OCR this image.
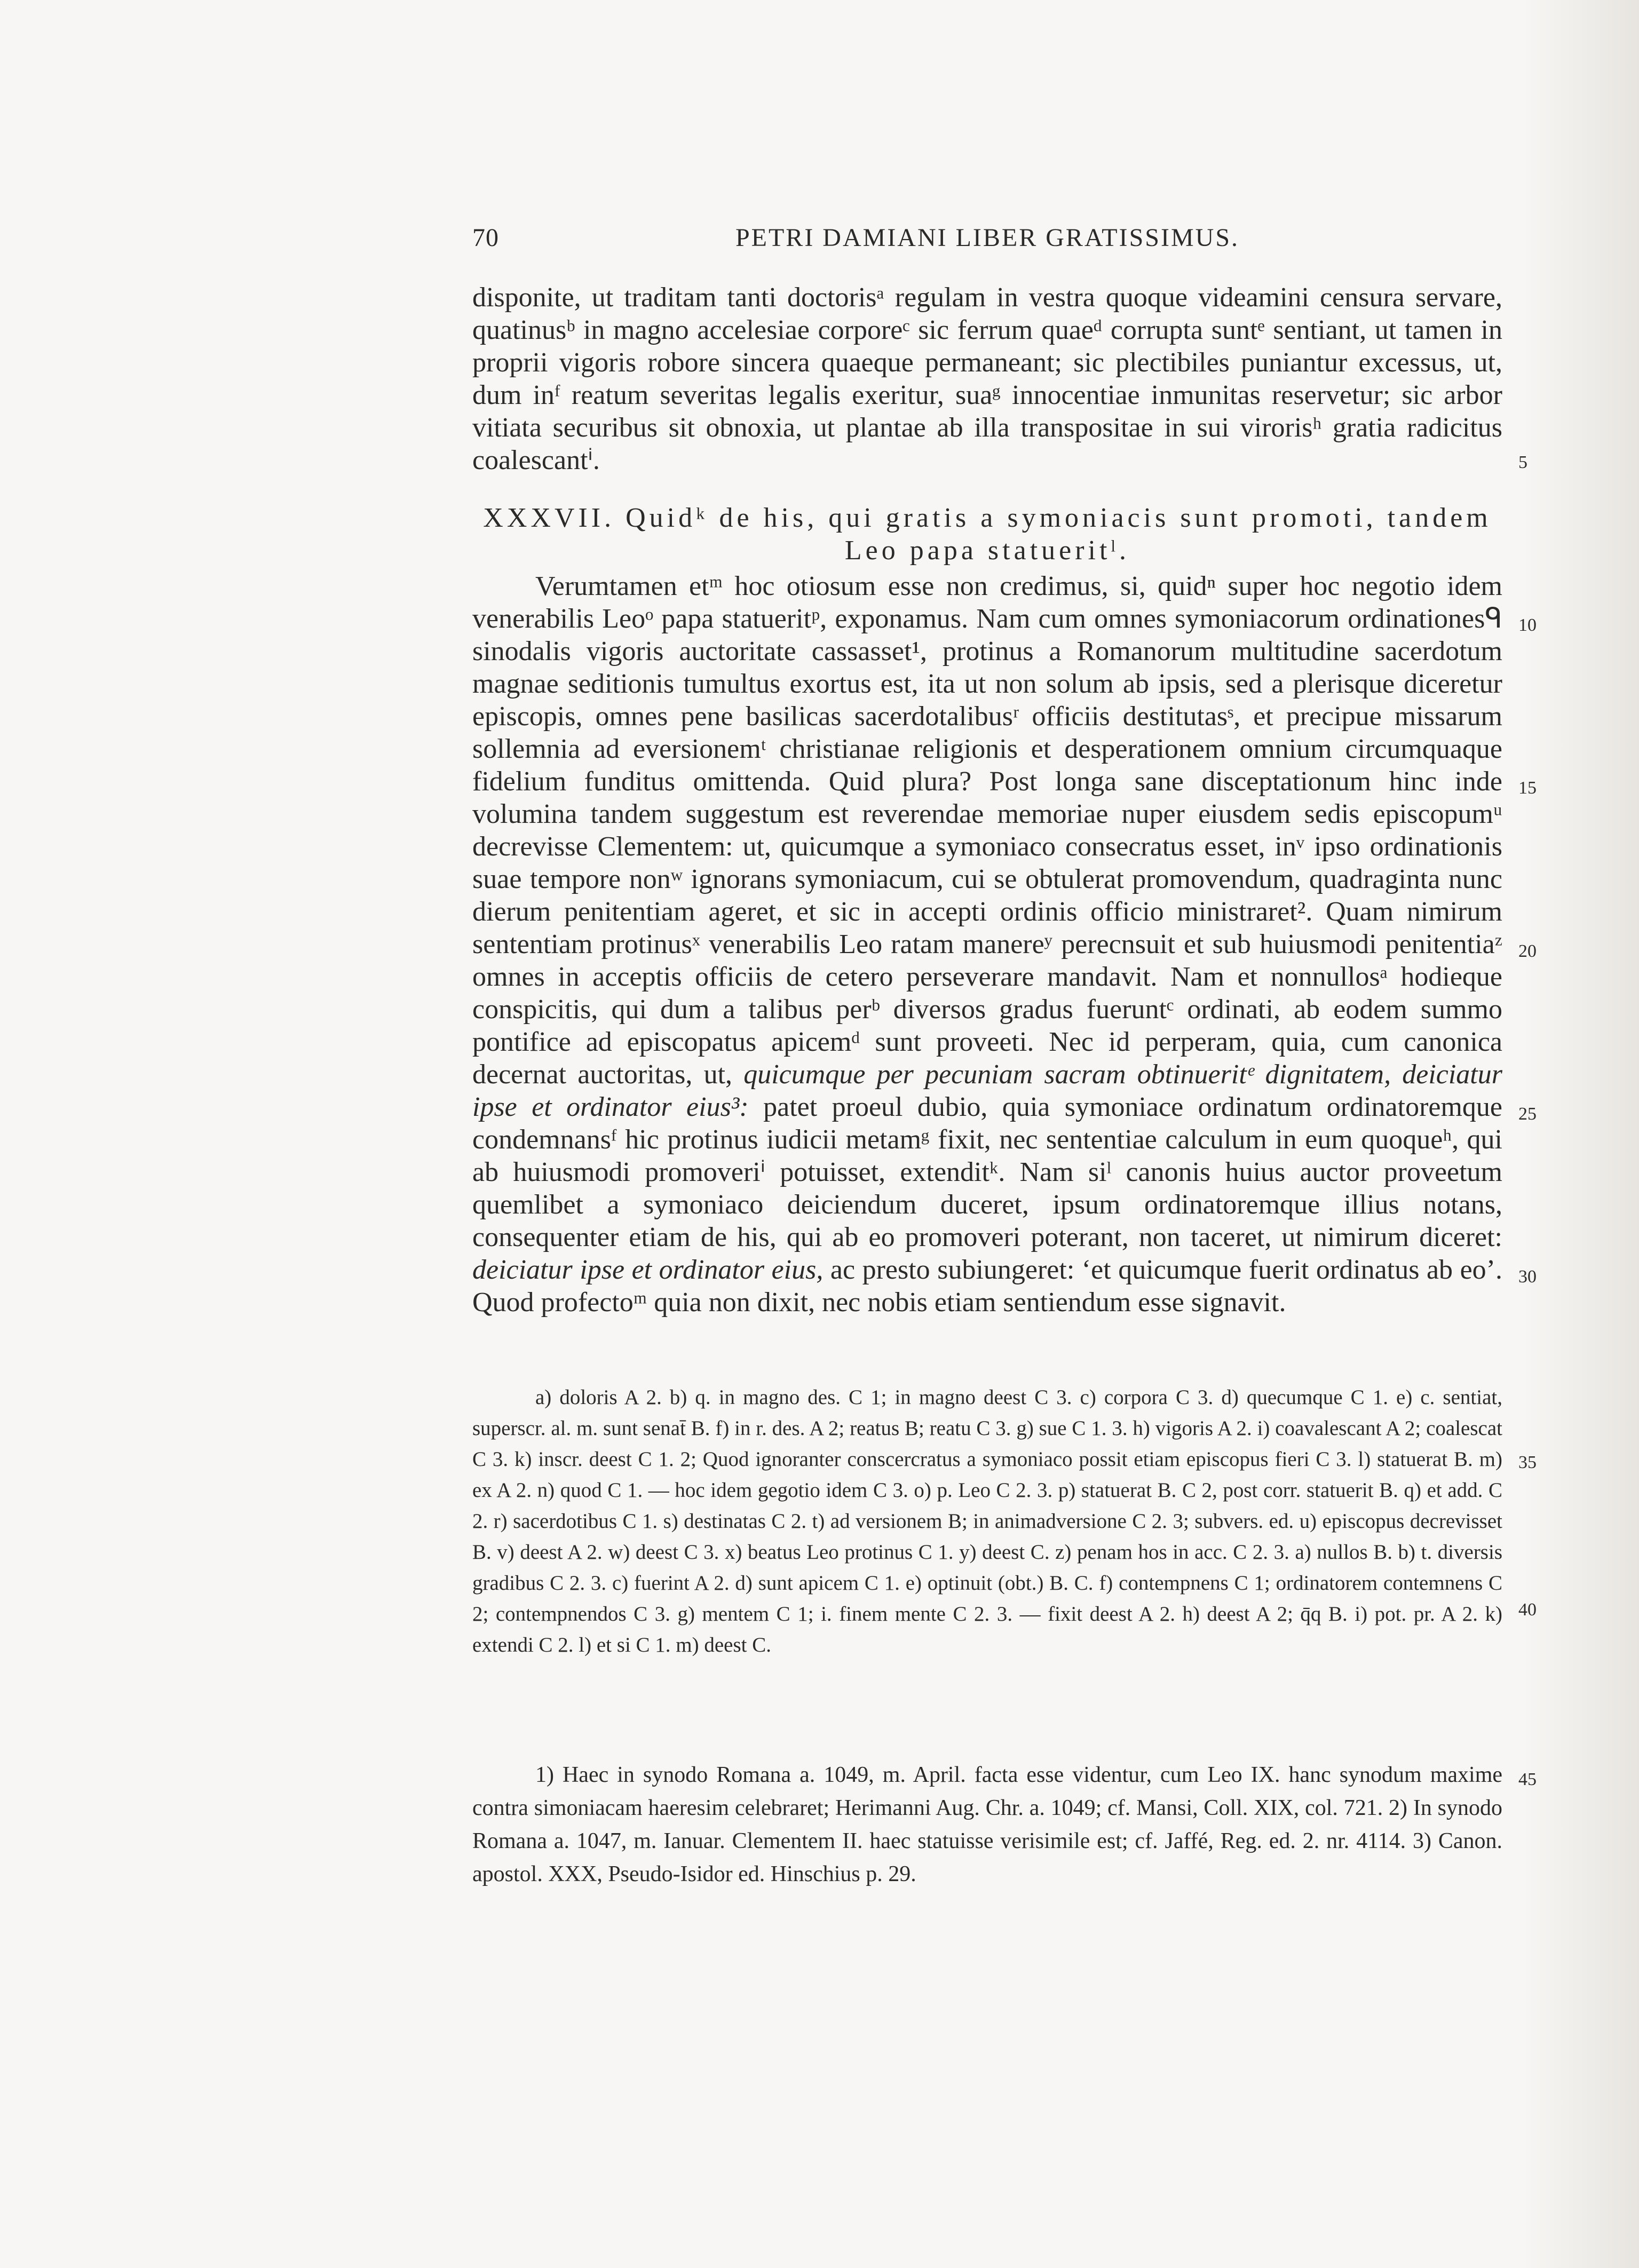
70	PETRI DAMIANI LIBER GRATISSIMUS.

disponite, ut traditam tanti doctorisᵃ regulam in vestra quoque videamini censura servare, quatinusᵇ in magno accelesiae corporeᶜ sic ferrum quaeᵈ corrupta suntᵉ sentiant, ut tamen in proprii vigoris robore sincera quaeque permaneant; sic plectibiles puniantur excessus, ut, dum inᶠ reatum severitas legalis exeritur, suaᵍ innocentiae inmunitas reservetur; sic arbor vitiata securibus sit obnoxia, ut plantae ab illa transpositae in sui virorisʰ gratia radicitus coalescantⁱ.

XXXVII. Quidᵏ de his, qui gratis a symoniacis sunt promoti, tandem Leo papa statueritˡ.

Verumtamen etᵐ hoc otiosum esse non credimus, si, quidⁿ super hoc negotio idem venerabilis Leoᵒ papa statueritᵖ, exponamus. Nam cum omnes symoniacorum ordinationesᑫ sinodalis vigoris auctoritate cassasset¹, protinus a Romanorum multitudine sacerdotum magnae seditionis tumultus exortus est, ita ut non solum ab ipsis, sed a plerisque diceretur episcopis, omnes pene basilicas sacerdotalibusʳ officiis destitutasˢ, et precipue missarum sollemnia ad eversionemᵗ christianae religionis et desperationem omnium circumquaque fidelium funditus omittenda. Quid plura? Post longa sane disceptationum hinc inde volumina tandem suggestum est reverendae memoriae nuper eiusdem sedis episcopumᵘ decrevisse Clementem: ut, quicumque a symoniaco consecratus esset, inᵛ ipso ordinationis suae tempore nonʷ ignorans symoniacum, cui se obtulerat promovendum, quadraginta nunc dierum penitentiam ageret, et sic in accepti ordinis officio ministraret². Quam nimirum sententiam protinusˣ venerabilis Leo ratam manereʸ perecnsuit et sub huiusmodi penitentiaᶻ omnes in acceptis officiis de cetero perseverare mandavit. Nam et nonnullosᵃ hodieque conspicitis, qui dum a talibus perᵇ diversos gradus fueruntᶜ ordinati, ab eodem summo pontifice ad episcopatus apicemᵈ sunt proveeti. Nec id perperam, quia, cum canonica decernat auctoritas, ut, quicumque per pecuniam sacram obtinueritᵉ dignitatem, deiciatur ipse et ordinator eius³: patet proeul dubio, quia symoniace ordinatum ordinatoremque condemnansᶠ hic protinus iudicii metamᵍ fixit, nec sententiae calculum in eum quoqueʰ, qui ab huiusmodi promoveriⁱ potuisset, extenditᵏ. Nam siˡ canonis huius auctor proveetum quemlibet a symoniaco deiciendum duceret, ipsum ordinatoremque illius notans, consequenter etiam de his, qui ab eo promoveri poterant, non taceret, ut nimirum diceret: deiciatur ipse et ordinator eius, ac presto subiungeret: ‘et quicumque fuerit ordinatus ab eo’. Quod profectoᵐ quia non dixit, nec nobis etiam sentiendum esse signavit.

a) doloris A 2. b) q. in magno des. C 1; in magno deest C 3. c) corpora C 3. d) quecumque C 1. e) c. sentiat, superscr. al. m. sunt senat̄ B. f) in r. des. A 2; reatus B; reatu C 3. g) sue C 1. 3. h) vigoris A 2. i) coavalescant A 2; coalescat C 3. k) inscr. deest C 1. 2; Quod ignoranter conscercratus a symoniaco possit etiam episcopus fieri C 3. l) statuerat B. m) ex A 2. n) quod C 1. — hoc idem gegotio idem C 3. o) p. Leo C 2. 3. p) statuerat B. C 2, post corr. statuerit B. q) et add. C 2. r) sacerdotibus C 1. s) destinatas C 2. t) ad versionem B; in animadversione C 2. 3; subvers. ed. u) episcopus decrevisset B. v) deest A 2. w) deest C 3. x) beatus Leo protinus C 1. y) deest C. z) penam hos in acc. C 2. 3. a) nullos B. b) t. diversis gradibus C 2. 3. c) fuerint A 2. d) sunt apicem C 1. e) optinuit (obt.) B. C. f) contempnens C 1; ordinatorem contemnens C 2; contempnendos C 3. g) mentem C 1; i. finem mente C 2. 3. — fixit deest A 2. h) deest A 2; q̄q B. i) pot. pr. A 2. k) extendi C 2. l) et si C 1. m) deest C.

1) Haec in synodo Romana a. 1049, m. April. facta esse videntur, cum Leo IX. hanc synodum maxime contra simoniacam haeresim celebraret; Herimanni Aug. Chr. a. 1049; cf. Mansi, Coll. XIX, col. 721. 2) In synodo Romana a. 1047, m. Ianuar. Clementem II. haec statuisse verisimile est; cf. Jaffé, Reg. ed. 2. nr. 4114. 3) Canon. apostol. XXX, Pseudo-Isidor ed. Hinschius p. 29.

5
10
15
20
25
30
35
40
45
